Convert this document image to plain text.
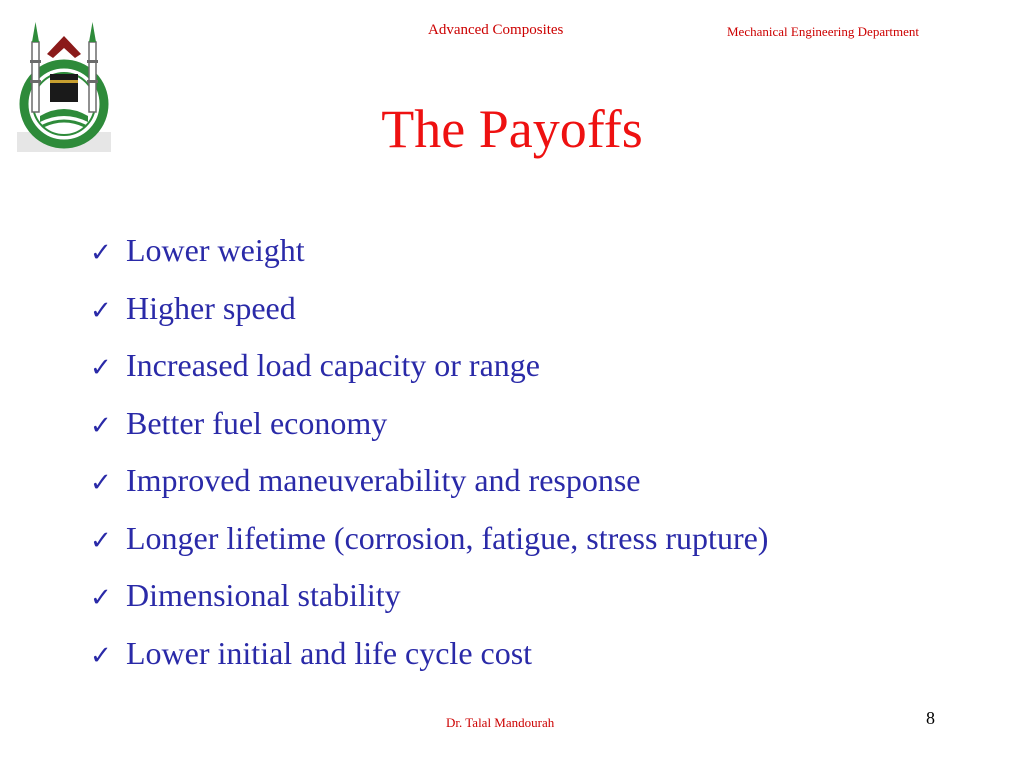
Advanced Composites	Mechanical Engineering Department
The Payoffs
✓ Lower weight
✓ Higher speed
✓ Increased load capacity or range
✓ Better fuel economy
✓ Improved maneuverability and response
✓ Longer lifetime (corrosion, fatigue, stress rupture)
✓ Dimensional stability
✓ Lower initial and life cycle cost
Dr. Talal Mandourah	8
